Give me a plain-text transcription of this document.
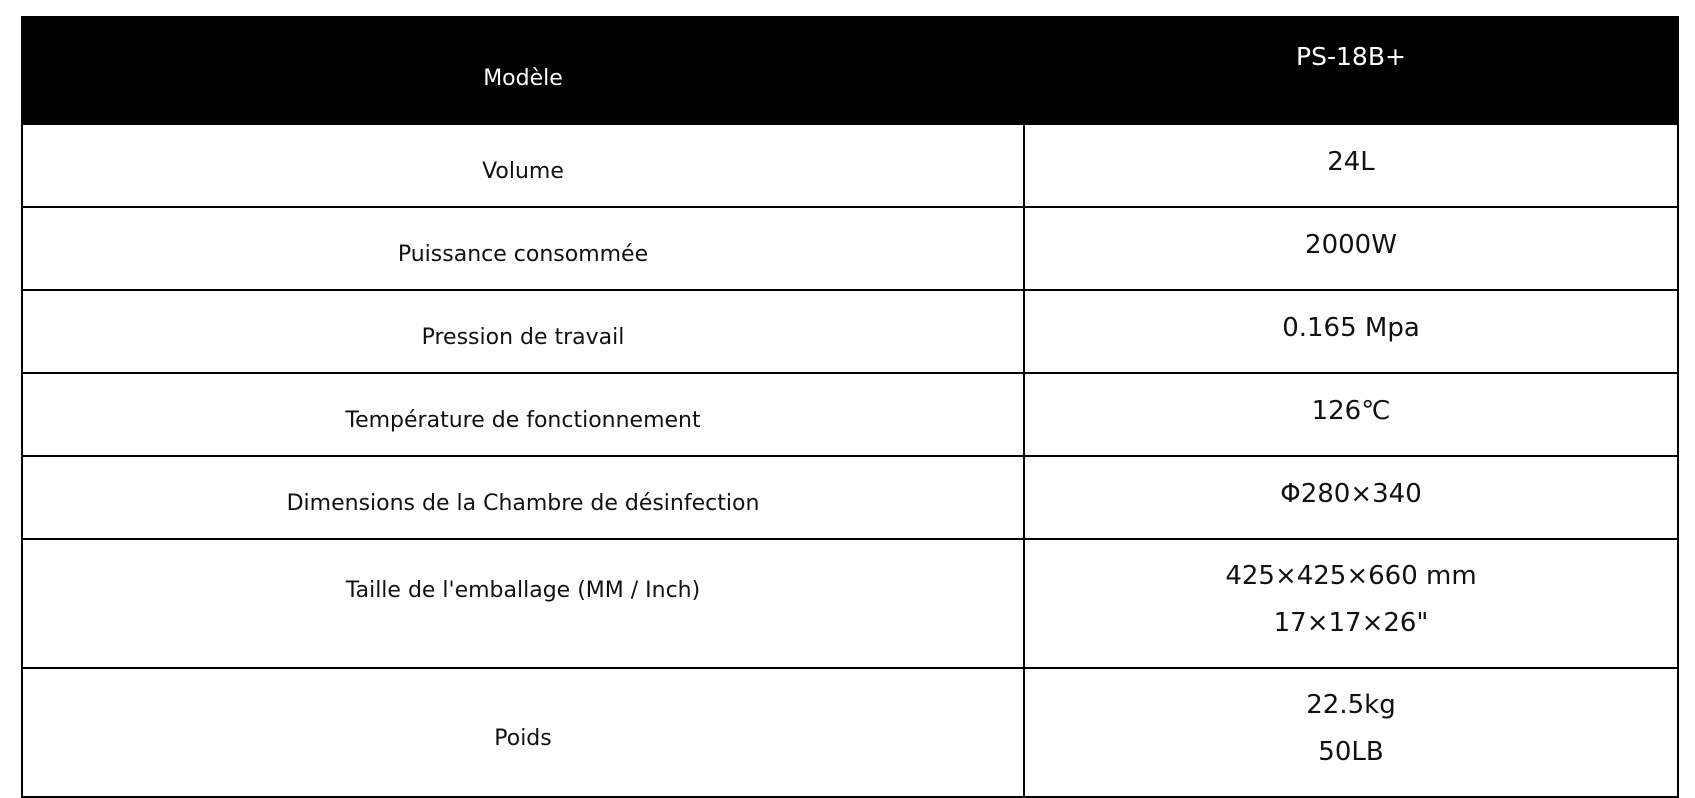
Modèle	PS-18B+
Volume	24L
Puissance consommée	2000W
Pression de travail	0.165 Mpa
Température de fonctionnement	126℃
Dimensions de la Chambre de désinfection	Φ280×340
Taille de l'emballage (MM / Inch)	425×425×660 mm
17×17×26"

Poids	22.5kg
50LB
